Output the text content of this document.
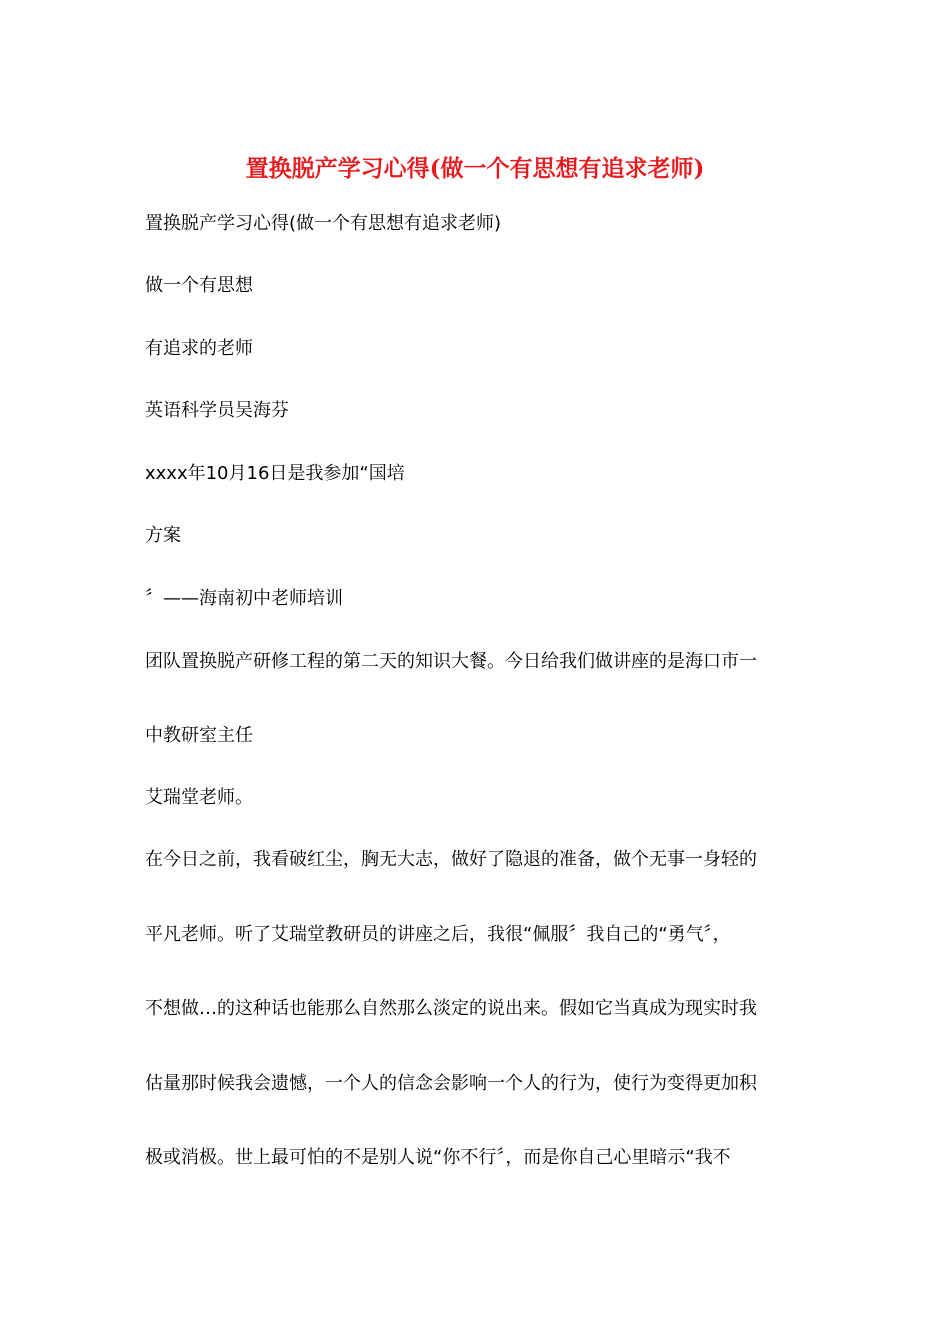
置换脱产学习心得(做一个有思想有追求老师)
置换脱产学习心得(做一个有思想有追求老师)
做一个有思想
有追求的老师
英语科学员吴海芬
xxxx年10月16日是我参加“国培
方案
〞——海南初中老师培训
团队置换脱产研修工程的第二天的知识大餐。今日给我们做讲座的是海口市一
中教研室主任
艾瑞堂老师。
在今日之前，我看破红尘，胸无大志，做好了隐退的准备，做个无事一身轻的
平凡老师。听了艾瑞堂教研员的讲座之后，我很“佩服〞我自己的“勇气〞，
不想做…的这种话也能那么自然那么淡定的说出来。假如它当真成为现实时我
估量那时候我会遗憾，一个人的信念会影响一个人的行为，使行为变得更加积
极或消极。世上最可怕的不是别人说“你不行〞，而是你自己心里暗示“我不
